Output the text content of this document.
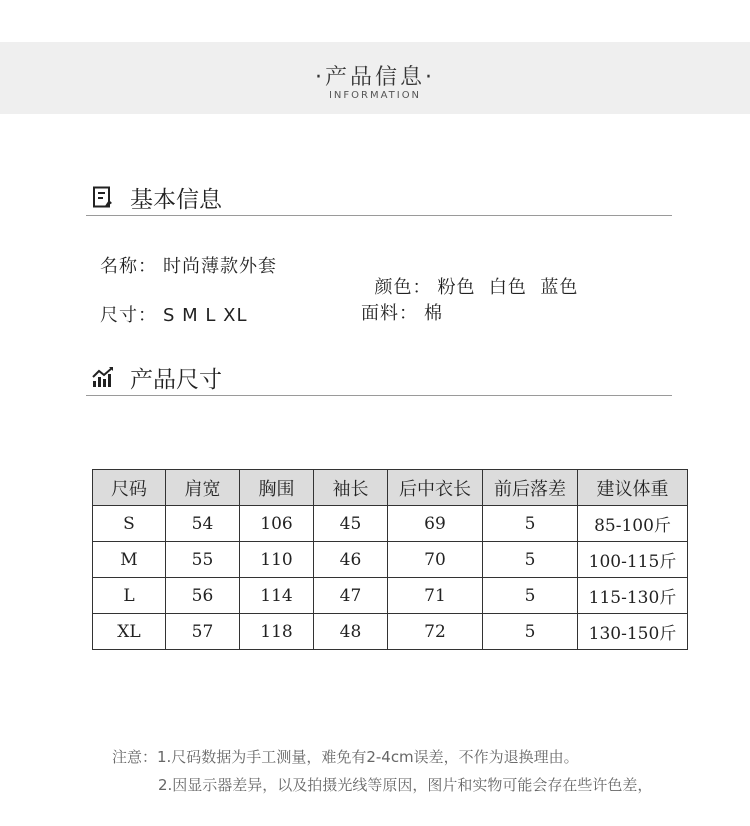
·产品信息·
INFORMATION
基本信息
名称： 时尚薄款外套

颜色： 粉色  白色  蓝色

尺寸： S M L XL	面料： 棉
产品尺寸
尺码	肩宽	胸围	袖长	后中衣长	前后落差	建议体重
S	54	106	45	69	5	85-100斤
M	55	110	46	70	5	100-115斤
L	56	114	47	71	5	115-130斤
XL	57	118	48	72	5	130-150斤
注意：1.尺码数据为手工测量，难免有2-4cm误差，不作为退换理由。
2.因显示器差异，以及拍摄光线等原因，图片和实物可能会存在些许色差，
